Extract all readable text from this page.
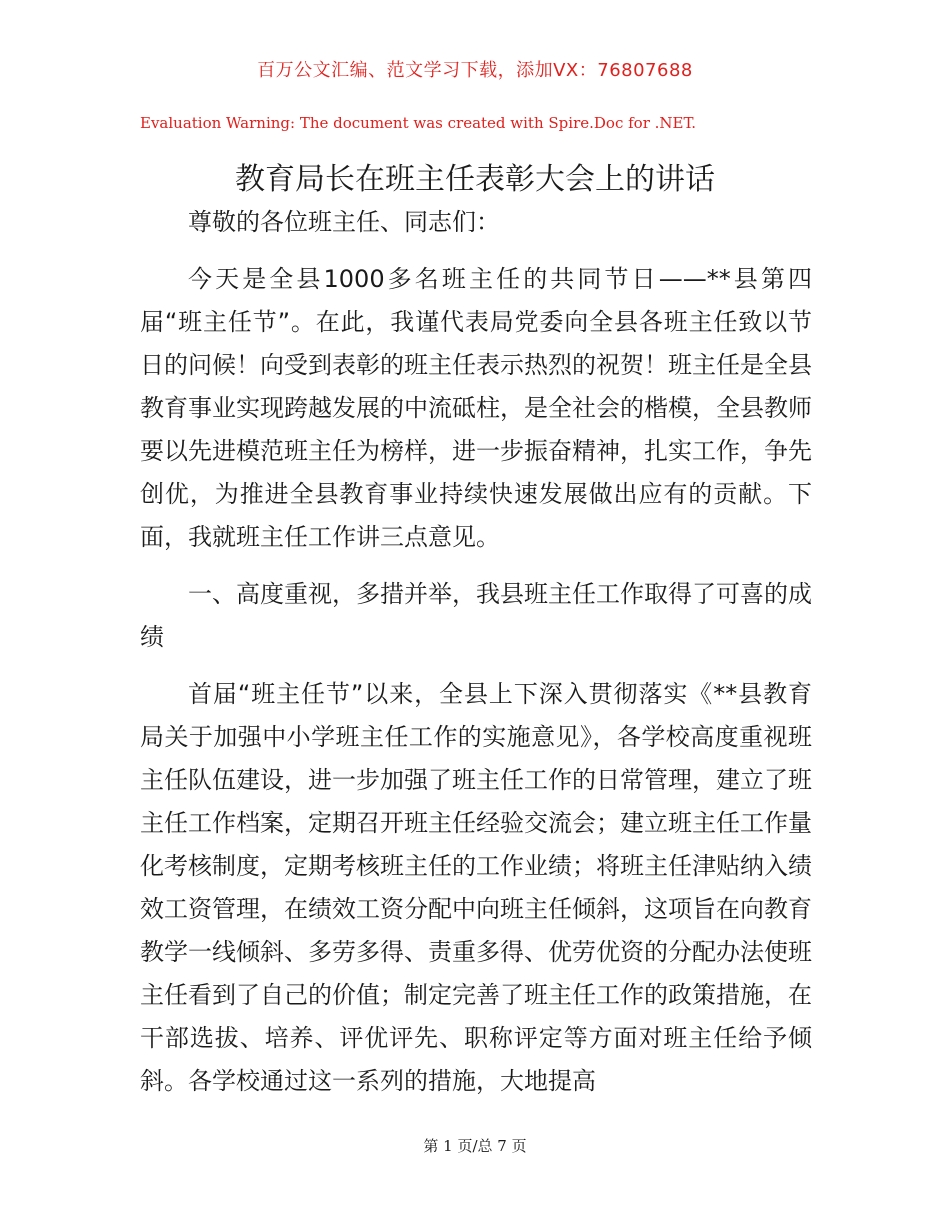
百万公文汇编、范文学习下载，添加VX：76807688
Evaluation Warning: The document was created with Spire.Doc for .NET.
教育局长在班主任表彰大会上的讲话

尊敬的各位班主任、同志们：

今天是全县1000多名班主任的共同节日——**县第四届“班主任节”。在此，我谨代表局党委向全县各班主任致以节日的问候！向受到表彰的班主任表示热烈的祝贺！班主任是全县教育事业实现跨越发展的中流砥柱，是全社会的楷模，全县教师要以先进模范班主任为榜样，进一步振奋精神，扎实工作，争先创优，为推进全县教育事业持续快速发展做出应有的贡献。下面，我就班主任工作讲三点意见。

一、高度重视，多措并举，我县班主任工作取得了可喜的成绩

首届“班主任节”以来，全县上下深入贯彻落实《**县教育局关于加强中小学班主任工作的实施意见》，各学校高度重视班主任队伍建设，进一步加强了班主任工作的日常管理，建立了班主任工作档案，定期召开班主任经验交流会；建立班主任工作量化考核制度，定期考核班主任的工作业绩；将班主任津贴纳入绩效工资管理，在绩效工资分配中向班主任倾斜，这项旨在向教育教学一线倾斜、多劳多得、责重多得、优劳优资的分配办法使班主任看到了自己的价值；制定完善了班主任工作的政策措施，在干部选拔、培养、评优评先、职称评定等方面对班主任给予倾斜。各学校通过这一系列的措施，大地提高

第 1 页/总 7 页
